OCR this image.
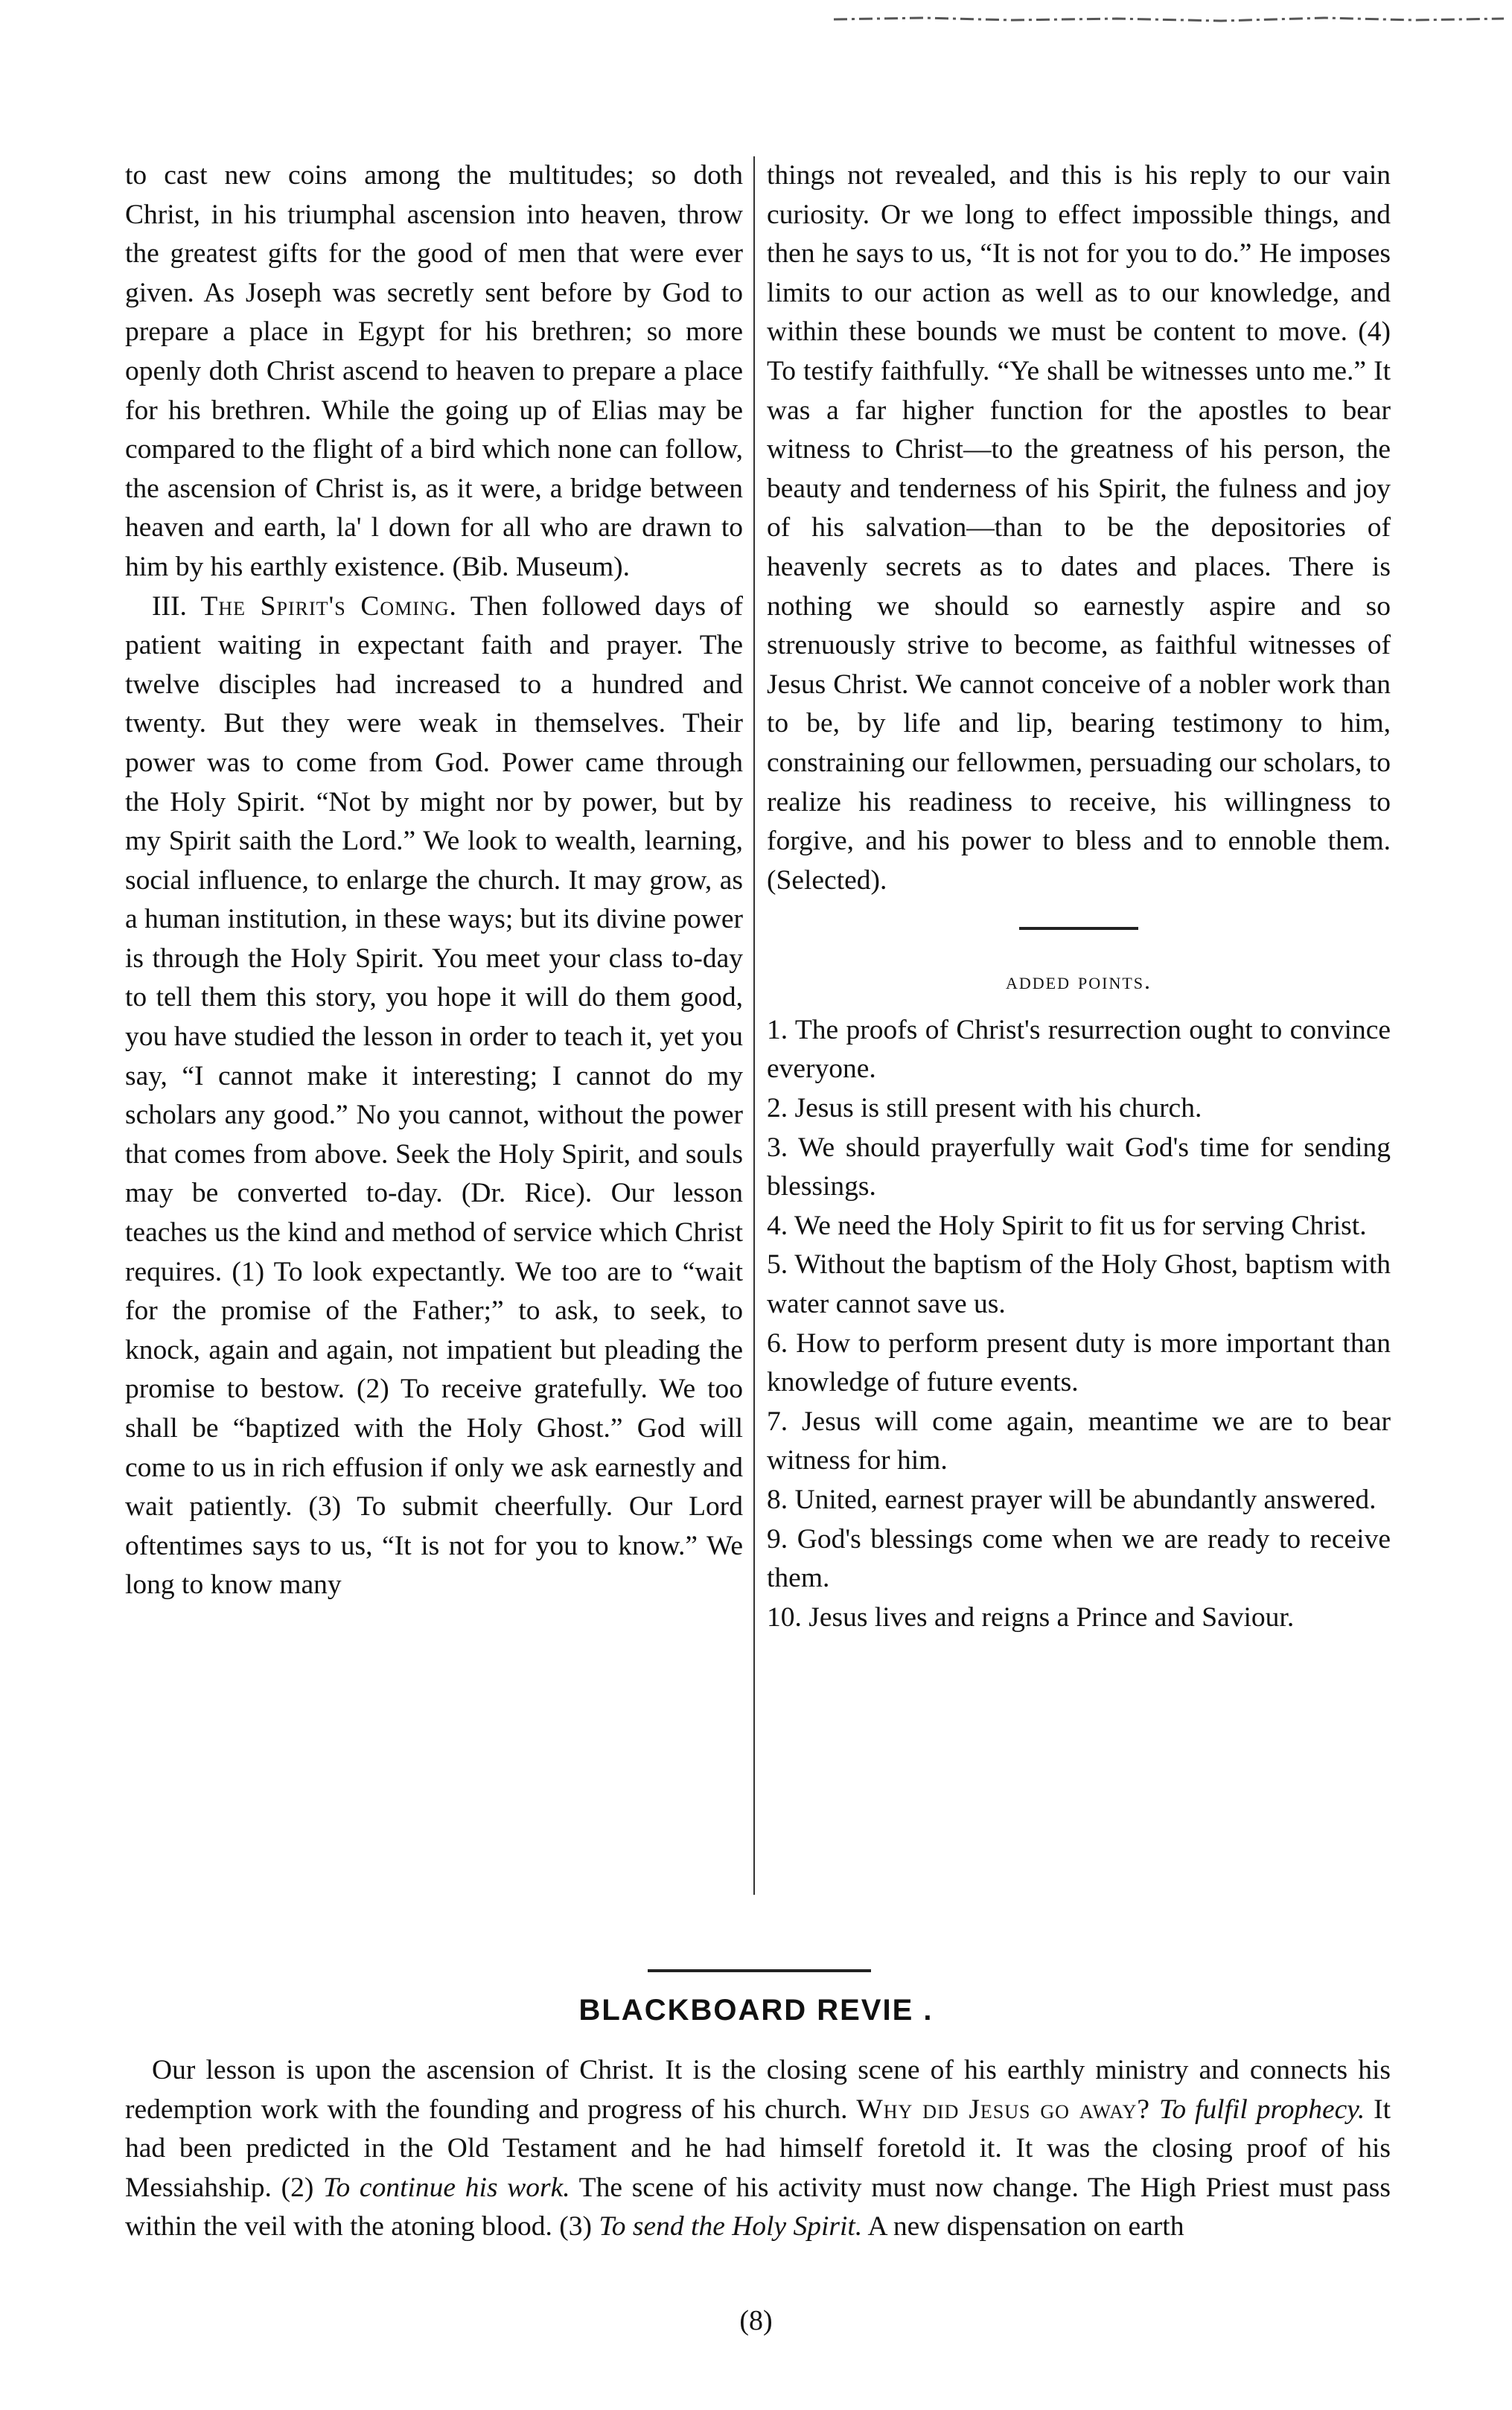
to cast new coins among the multitudes; so doth Christ, in his triumphal ascension into heaven, throw the greatest gifts for the good of men that were ever given. As Joseph was secretly sent before by God to prepare a place in Egypt for his brethren; so more openly doth Christ ascend to heaven to prepare a place for his brethren. While the going up of Elias may be compared to the flight of a bird which none can follow, the ascension of Christ is, as it were, a bridge between heaven and earth, la' l down for all who are drawn to him by his earthly existence. (Bib. Museum).

III. The Spirit's Coming. Then followed days of patient waiting in expectant faith and prayer. The twelve disciples had increased to a hundred and twenty. But they were weak in themselves. Their power was to come from God. Power came through the Holy Spirit. “Not by might nor by power, but by my Spirit saith the Lord.” We look to wealth, learning, social influence, to enlarge the church. It may grow, as a human institution, in these ways; but its divine power is through the Holy Spirit. You meet your class to-day to tell them this story, you hope it will do them good, you have studied the lesson in order to teach it, yet you say, “I cannot make it interesting; I cannot do my scholars any good.” No you cannot, without the power that comes from above. Seek the Holy Spirit, and souls may be converted to-day. (Dr. Rice). Our lesson teaches us the kind and method of service which Christ requires. (1) To look expectantly. We too are to “wait for the promise of the Father;” to ask, to seek, to knock, again and again, not impatient but pleading the promise to bestow. (2) To receive gratefully. We too shall be “baptized with the Holy Ghost.” God will come to us in rich effusion if only we ask earnestly and wait patiently. (3) To submit cheerfully. Our Lord oftentimes says to us, “It is not for you to know.” We long to know many

things not revealed, and this is his reply to our vain curiosity. Or we long to effect impossible things, and then he says to us, “It is not for you to do.” He imposes limits to our action as well as to our knowledge, and within these bounds we must be content to move. (4) To testify faithfully. “Ye shall be witnesses unto me.” It was a far higher function for the apostles to bear witness to Christ—to the greatness of his person, the beauty and tenderness of his Spirit, the fulness and joy of his salvation—than to be the depositories of heavenly secrets as to dates and places. There is nothing we should so earnestly aspire and so strenuously strive to become, as faithful witnesses of Jesus Christ. We cannot conceive of a nobler work than to be, by life and lip, bearing testimony to him, constraining our fellowmen, persuading our scholars, to realize his readiness to receive, his willingness to forgive, and his power to bless and to ennoble them. (Selected).

added points.

1. The proofs of Christ's resurrection ought to convince everyone.

2. Jesus is still present with his church.

3. We should prayerfully wait God's time for sending blessings.

4. We need the Holy Spirit to fit us for serving Christ.

5. Without the baptism of the Holy Ghost, baptism with water cannot save us.

6. How to perform present duty is more important than knowledge of future events.

7. Jesus will come again, meantime we are to bear witness for him.

8. United, earnest prayer will be abundantly answered.

9. God's blessings come when we are ready to receive them.

10. Jesus lives and reigns a Prince and Saviour.

BLACKBOARD REVIE .

Our lesson is upon the ascension of Christ. It is the closing scene of his earthly ministry and connects his redemption work with the founding and progress of his church. Why did Jesus go away? To fulfil prophecy. It had been predicted in the Old Testament and he had himself foretold it. It was the closing proof of his Messiahship. (2) To continue his work. The scene of his activity must now change. The High Priest must pass within the veil with the atoning blood. (3) To send the Holy Spirit. A new dispensation on earth

(8)
